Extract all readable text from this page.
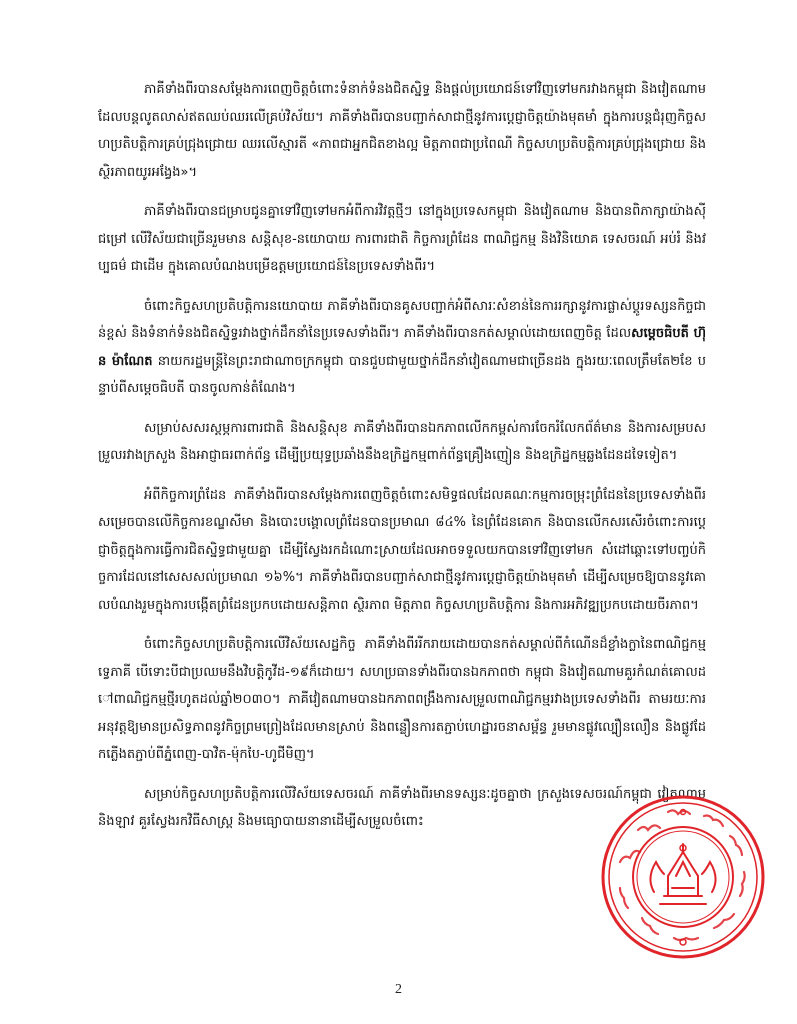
ភាគីទាំងពីរបានសម្តែងការពេញចិត្តចំពោះទំនាក់ទំនងជិតស្និទ្ធ និងផ្តល់ប្រយោជន៍ទៅវិញទៅមករវាងកម្ពុជា និងវៀតណាម ដែលបន្តលូតលាស់ឥតឈប់ឈរលើគ្រប់វិស័យ។ ភាគីទាំងពីរបានបញ្ជាក់សាជាថ្មីនូវការប្តេជ្ញាចិត្តយ៉ាងមុតមាំ ក្នុងការបន្តជំរុញកិច្ចសហប្រតិបត្តិការគ្រប់ជ្រុងជ្រោយ ឈរលើស្មារតី «ភាពជាអ្នកជិតខាងល្អ មិត្តភាពជាប្រពៃណី កិច្ចសហប្រតិបត្តិការគ្រប់ជ្រុងជ្រោយ និងស្ថិរភាពយូរអង្វែង»។

ភាគីទាំងពីរបានជម្រាបជូនគ្នាទៅវិញទៅមកអំពីការវិវត្តថ្មីៗ នៅក្នុងប្រទេសកម្ពុជា និងវៀតណាម និងបានពិភាក្សាយ៉ាងស៊ីជម្រៅ លើវិស័យជាច្រើនរួមមាន សន្តិសុខ-នយោបាយ ការពារជាតិ កិច្ចការព្រំដែន ពាណិជ្ជកម្ម និងវិនិយោគ ទេសចរណ៍ អប់រំ និងវប្បធម៌ ជាដើម ក្នុងគោលបំណងបម្រើឧត្តមប្រយោជន៍នៃប្រទេសទាំងពីរ។

ចំពោះកិច្ចសហប្រតិបត្តិការនយោបាយ ភាគីទាំងពីរបានគូសបញ្ជាក់អំពីសារៈសំខាន់នៃការរក្សានូវការផ្លាស់ប្តូរទស្សនកិច្ចជាន់ខ្ពស់ និងទំនាក់ទំនងជិតស្និទ្ធរវាងថ្នាក់ដឹកនាំនៃប្រទេសទាំងពីរ។ ភាគីទាំងពីរបានកត់សម្គាល់ដោយពេញចិត្ត ដែលសម្តេចធិបតី ហ៊ុន ម៉ាណែត នាយករដ្ឋមន្ត្រីនៃព្រះរាជាណាចក្រកម្ពុជា បានជួបជាមួយថ្នាក់ដឹកនាំវៀតណាមជាច្រើនដង ក្នុងរយៈពេលត្រឹមតែ២ខែ បន្ទាប់ពីសម្តេចធិបតី បានចូលកាន់តំណែង។

សម្រាប់សសរស្តម្ភការពារជាតិ និងសន្តិសុខ ភាគីទាំងពីរបានឯកភាពលើកកម្ពស់ការចែករំលែកព័ត៌មាន និងការសម្របសម្រួលរវាងក្រសួង និងអាជ្ញាធរពាក់ព័ន្ធ ដើម្បីប្រយុទ្ធប្រឆាំងនឹងឧក្រិដ្ឋកម្មពាក់ព័ន្ធគ្រឿងញៀន និងឧក្រិដ្ឋកម្មឆ្លងដែនដទៃទៀត។

អំពីកិច្ចការព្រំដែន ភាគីទាំងពីរបានសម្តែងការពេញចិត្តចំពោះសមិទ្ធផលដែលគណៈកម្មការចម្រុះព្រំដែននៃប្រទេសទាំងពីរសម្រេចបានលើកិច្ចការខណ្ឌសីមា និងបោះបង្គោលព្រំដែនបានប្រមាណ ៨៤% នៃព្រំដែនគោក និងបានលើកសរសើរចំពោះការប្តេជ្ញាចិត្តក្នុងការធ្វើការជិតស្និទ្ធជាមួយគ្នា ដើម្បីស្វែងរកដំណោះស្រាយដែលអាចទទួលយកបានទៅវិញទៅមក សំដៅឆ្ពោះទៅបញ្ចប់កិច្ចការដែលនៅសេសសល់ប្រមាណ ១៦%។ ភាគីទាំងពីរបានបញ្ជាក់សាជាថ្មីនូវការប្តេជ្ញាចិត្តយ៉ាងមុតមាំ ដើម្បីសម្រេចឱ្យបាននូវគោលបំណងរួមក្នុងការបង្កើតព្រំដែនប្រកបដោយសន្តិភាព ស្ថិរភាព មិត្តភាព កិច្ចសហប្រតិបត្តិការ និងការអភិវឌ្ឍប្រកបដោយចីរភាព។

ចំពោះកិច្ចសហប្រតិបត្តិការលើវិស័យសេដ្ឋកិច្ច ភាគីទាំងពីររីករាយដោយបានកត់សម្គាល់ពីកំណើនដ៏ខ្លាំងក្លានៃពាណិជ្ជកម្មទ្វេភាគី បើទោះបីជាប្រឈមនឹងវិបត្តិកូវីដ-១៩ក៏ដោយ។ សហប្រធានទាំងពីរបានឯកភាពថា កម្ពុជា និងវៀតណាមគួរកំណត់គោលដៅពាណិជ្ជកម្មថ្មីរហូតដល់ឆ្នាំ២០៣០។ ភាគីវៀតណាមបានឯកភាពពង្រឹងការសម្រួលពាណិជ្ជកម្មរវាងប្រទេសទាំងពីរ តាមរយៈការអនុវត្តឱ្យមានប្រសិទ្ធភាពនូវកិច្ចព្រមព្រៀងដែលមានស្រាប់ និងពន្លឿនការតភ្ជាប់ហេដ្ឋារចនាសម្ព័ន្ធ រួមមានផ្លូវល្បឿនលឿន និងផ្លូវដែកភ្លើងតភ្ជាប់ពីភ្នំពេញ-បាវិត-ម៉ុកបៃ-ហូជីមិញ។

សម្រាប់កិច្ចសហប្រតិបត្តិការលើវិស័យទេសចរណ៍ ភាគីទាំងពីរមានទស្សនៈដូចគ្នាថា ក្រសួងទេសចរណ៍កម្ពុជា វៀតណាម និងឡាវ គួរស្វែងរកវិធីសាស្ត្រ និងមធ្យោបាយនានាដើម្បីសម្រួល​ចំពោះ

2
